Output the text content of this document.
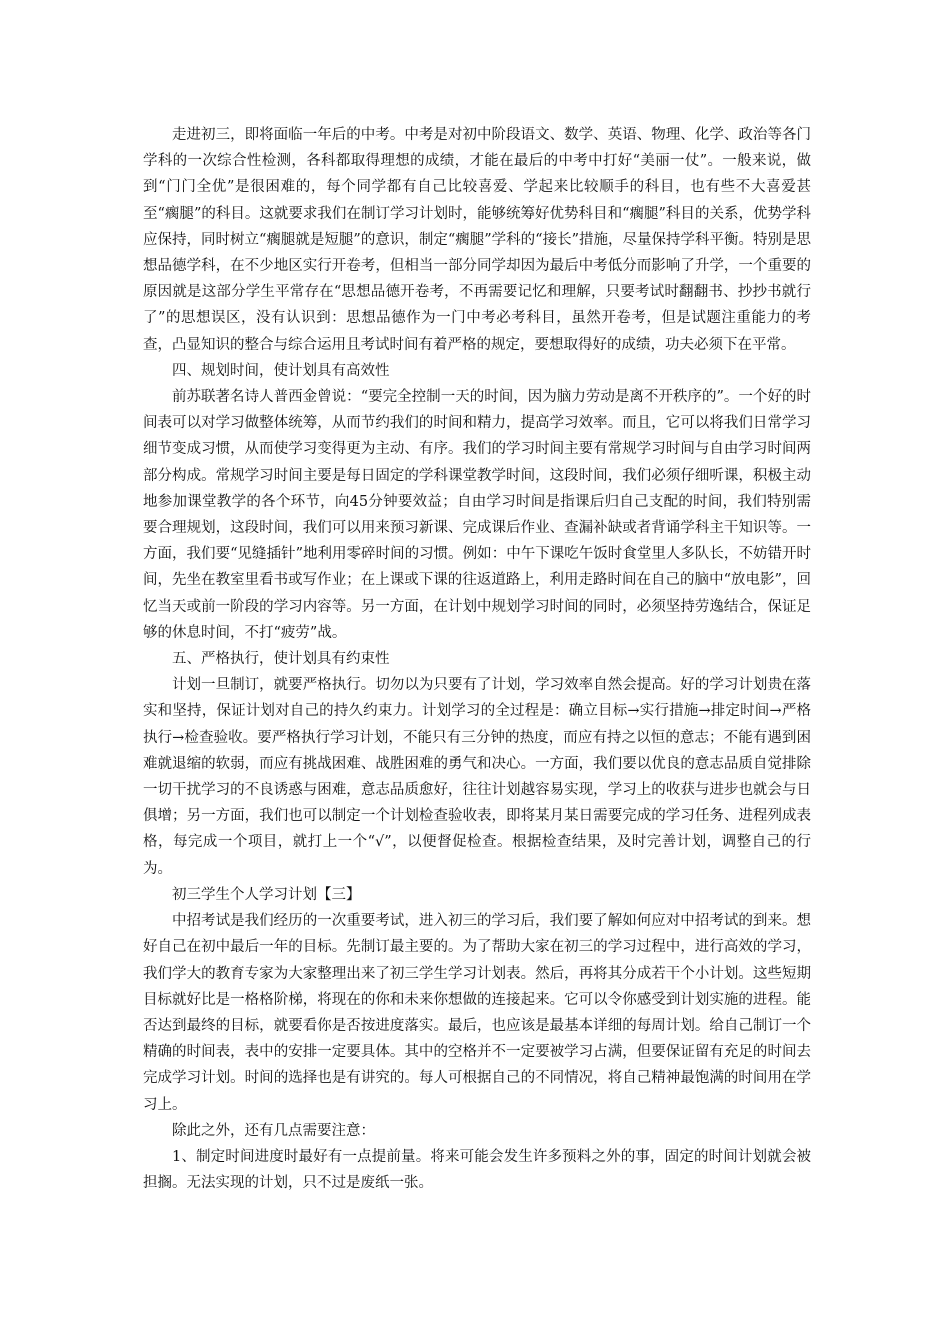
走进初三，即将面临一年后的中考。中考是对初中阶段语文、数学、英语、物理、化学、政治等各门学科的一次综合性检测，各科都取得理想的成绩，才能在最后的中考中打好“美丽一仗”。一般来说，做到“门门全优”是很困难的，每个同学都有自己比较喜爱、学起来比较顺手的科目，也有些不大喜爱甚至“瘸腿”的科目。这就要求我们在制订学习计划时，能够统筹好优势科目和“瘸腿”科目的关系，优势学科应保持，同时树立“瘸腿就是短腿”的意识，制定“瘸腿”学科的“接长”措施，尽量保持学科平衡。特别是思想品德学科，在不少地区实行开卷考，但相当一部分同学却因为最后中考低分而影响了升学，一个重要的原因就是这部分学生平常存在“思想品德开卷考，不再需要记忆和理解，只要考试时翻翻书、抄抄书就行了”的思想误区，没有认识到：思想品德作为一门中考必考科目，虽然开卷考，但是试题注重能力的考查，凸显知识的整合与综合运用且考试时间有着严格的规定，要想取得好的成绩，功夫必须下在平常。

四、规划时间，使计划具有高效性

前苏联著名诗人普西金曾说：“要完全控制一天的时间，因为脑力劳动是离不开秩序的”。一个好的时间表可以对学习做整体统筹，从而节约我们的时间和精力，提高学习效率。而且，它可以将我们日常学习细节变成习惯，从而使学习变得更为主动、有序。我们的学习时间主要有常规学习时间与自由学习时间两部分构成。常规学习时间主要是每日固定的学科课堂教学时间，这段时间，我们必须仔细听课，积极主动地参加课堂教学的各个环节，向45分钟要效益；自由学习时间是指课后归自己支配的时间，我们特别需要合理规划，这段时间，我们可以用来预习新课、完成课后作业、查漏补缺或者背诵学科主干知识等。一方面，我们要“见缝插针”地利用零碎时间的习惯。例如：中午下课吃午饭时食堂里人多队长，不妨错开时间，先坐在教室里看书或写作业；在上课或下课的往返道路上，利用走路时间在自己的脑中“放电影”，回忆当天或前一阶段的学习内容等。另一方面，在计划中规划学习时间的同时，必须坚持劳逸结合，保证足够的休息时间，不打“疲劳”战。

五、严格执行，使计划具有约束性

计划一旦制订，就要严格执行。切勿以为只要有了计划，学习效率自然会提高。好的学习计划贵在落实和坚持，保证计划对自己的持久约束力。计划学习的全过程是：确立目标→实行措施→排定时间→严格执行→检查验收。要严格执行学习计划，不能只有三分钟的热度，而应有持之以恒的意志；不能有遇到困难就退缩的软弱，而应有挑战困难、战胜困难的勇气和决心。一方面，我们要以优良的意志品质自觉排除一切干扰学习的不良诱惑与困难，意志品质愈好，往往计划越容易实现，学习上的收获与进步也就会与日俱增；另一方面，我们也可以制定一个计划检查验收表，即将某月某日需要完成的学习任务、进程列成表格，每完成一个项目，就打上一个“√”，以便督促检查。根据检查结果，及时完善计划，调整自己的行为。

初三学生个人学习计划【三】

中招考试是我们经历的一次重要考试，进入初三的学习后，我们要了解如何应对中招考试的到来。想好自己在初中最后一年的目标。先制订最主要的。为了帮助大家在初三的学习过程中，进行高效的学习，我们学大的教育专家为大家整理出来了初三学生学习计划表。然后，再将其分成若干个小计划。这些短期目标就好比是一格格阶梯，将现在的你和未来你想做的连接起来。它可以令你感受到计划实施的进程。能否达到最终的目标，就要看你是否按进度落实。最后，也应该是最基本详细的每周计划。给自己制订一个精确的时间表，表中的安排一定要具体。其中的空格并不一定要被学习占满，但要保证留有充足的时间去完成学习计划。时间的选择也是有讲究的。每人可根据自己的不同情况，将自己精神最饱满的时间用在学习上。

除此之外，还有几点需要注意：

1、制定时间进度时最好有一点提前量。将来可能会发生许多预料之外的事，固定的时间计划就会被担搁。无法实现的计划，只不过是废纸一张。
